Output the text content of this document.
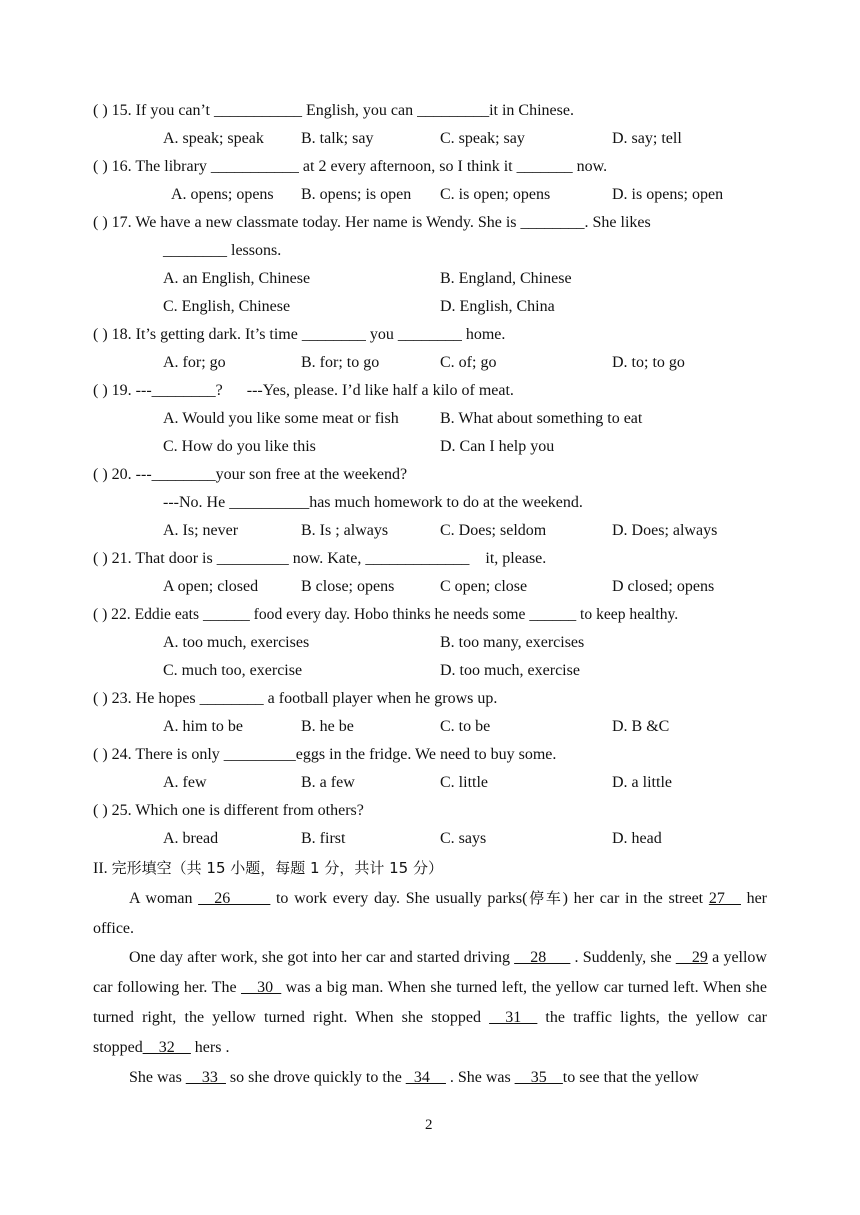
( ) 15. If you can’t ___________ English, you can _________it in Chinese.
A. speak; speak B. talk; say	C. speak; say	D. say; tell
( ) 16. The library ___________ at 2 every afternoon, so I think it _______ now.
A. opens; opens B. opens; is open C. is open; opens	D. is opens; open
( ) 17. We have a new classmate today. Her name is Wendy. She is ________. She likes
________ lessons.
A. an English, Chinese	B. England, Chinese
C. English, Chinese	D. English, China
( ) 18. It’s getting dark. It’s time ________ you ________ home.
A. for; go	B. for; to go	C. of; go	D. to; to go
( ) 19. ---________?      ---Yes, please. I’d like half a kilo of meat.
A. Would you like some meat or fish	B. What about something to eat
C. How do you like this	D. Can I help you
( ) 20. ---________your son free at the weekend?
---No. He __________has much homework to do at the weekend.
A. Is; never	B. Is ; always	C. Does; seldom	D. Does; always
( ) 21. That door is _________ now. Kate, _____________    it, please.
A open; closed	B close; opens	C open; close	D closed; opens
( ) 22. Eddie eats ______ food every day. Hobo thinks he needs some ______ to keep healthy.
A. too much, exercises	B. too many, exercises
C. much too, exercise	D. too much, exercise
( ) 23. He hopes ________ a football player when he grows up.
A. him to be	B. he be	C. to be	D. B &C
( ) 24. There is only _________eggs in the fridge. We need to buy some.
A. few	B. a few	C. little	D. a little
( ) 25. Which one is different from others?
A. bread	B. first	C. says	D. head
II. 完形填空（共 15 小题，每题 1 分，共计 15 分）
A woman __26_____ to work every day. She usually parks(停车) her car in the street 27__ her office.
One day after work, she got into her car and started driving __28___ . Suddenly, she __29 a yellow car following her. The __30_ was a big man. When she turned left, the yellow car turned left. When she turned right, the yellow turned right. When she stopped __31__ the traffic lights, the yellow car stopped__32__ hers .
She was __33_ so she drove quickly to the _34__ . She was __35__to see that the yellow
2
